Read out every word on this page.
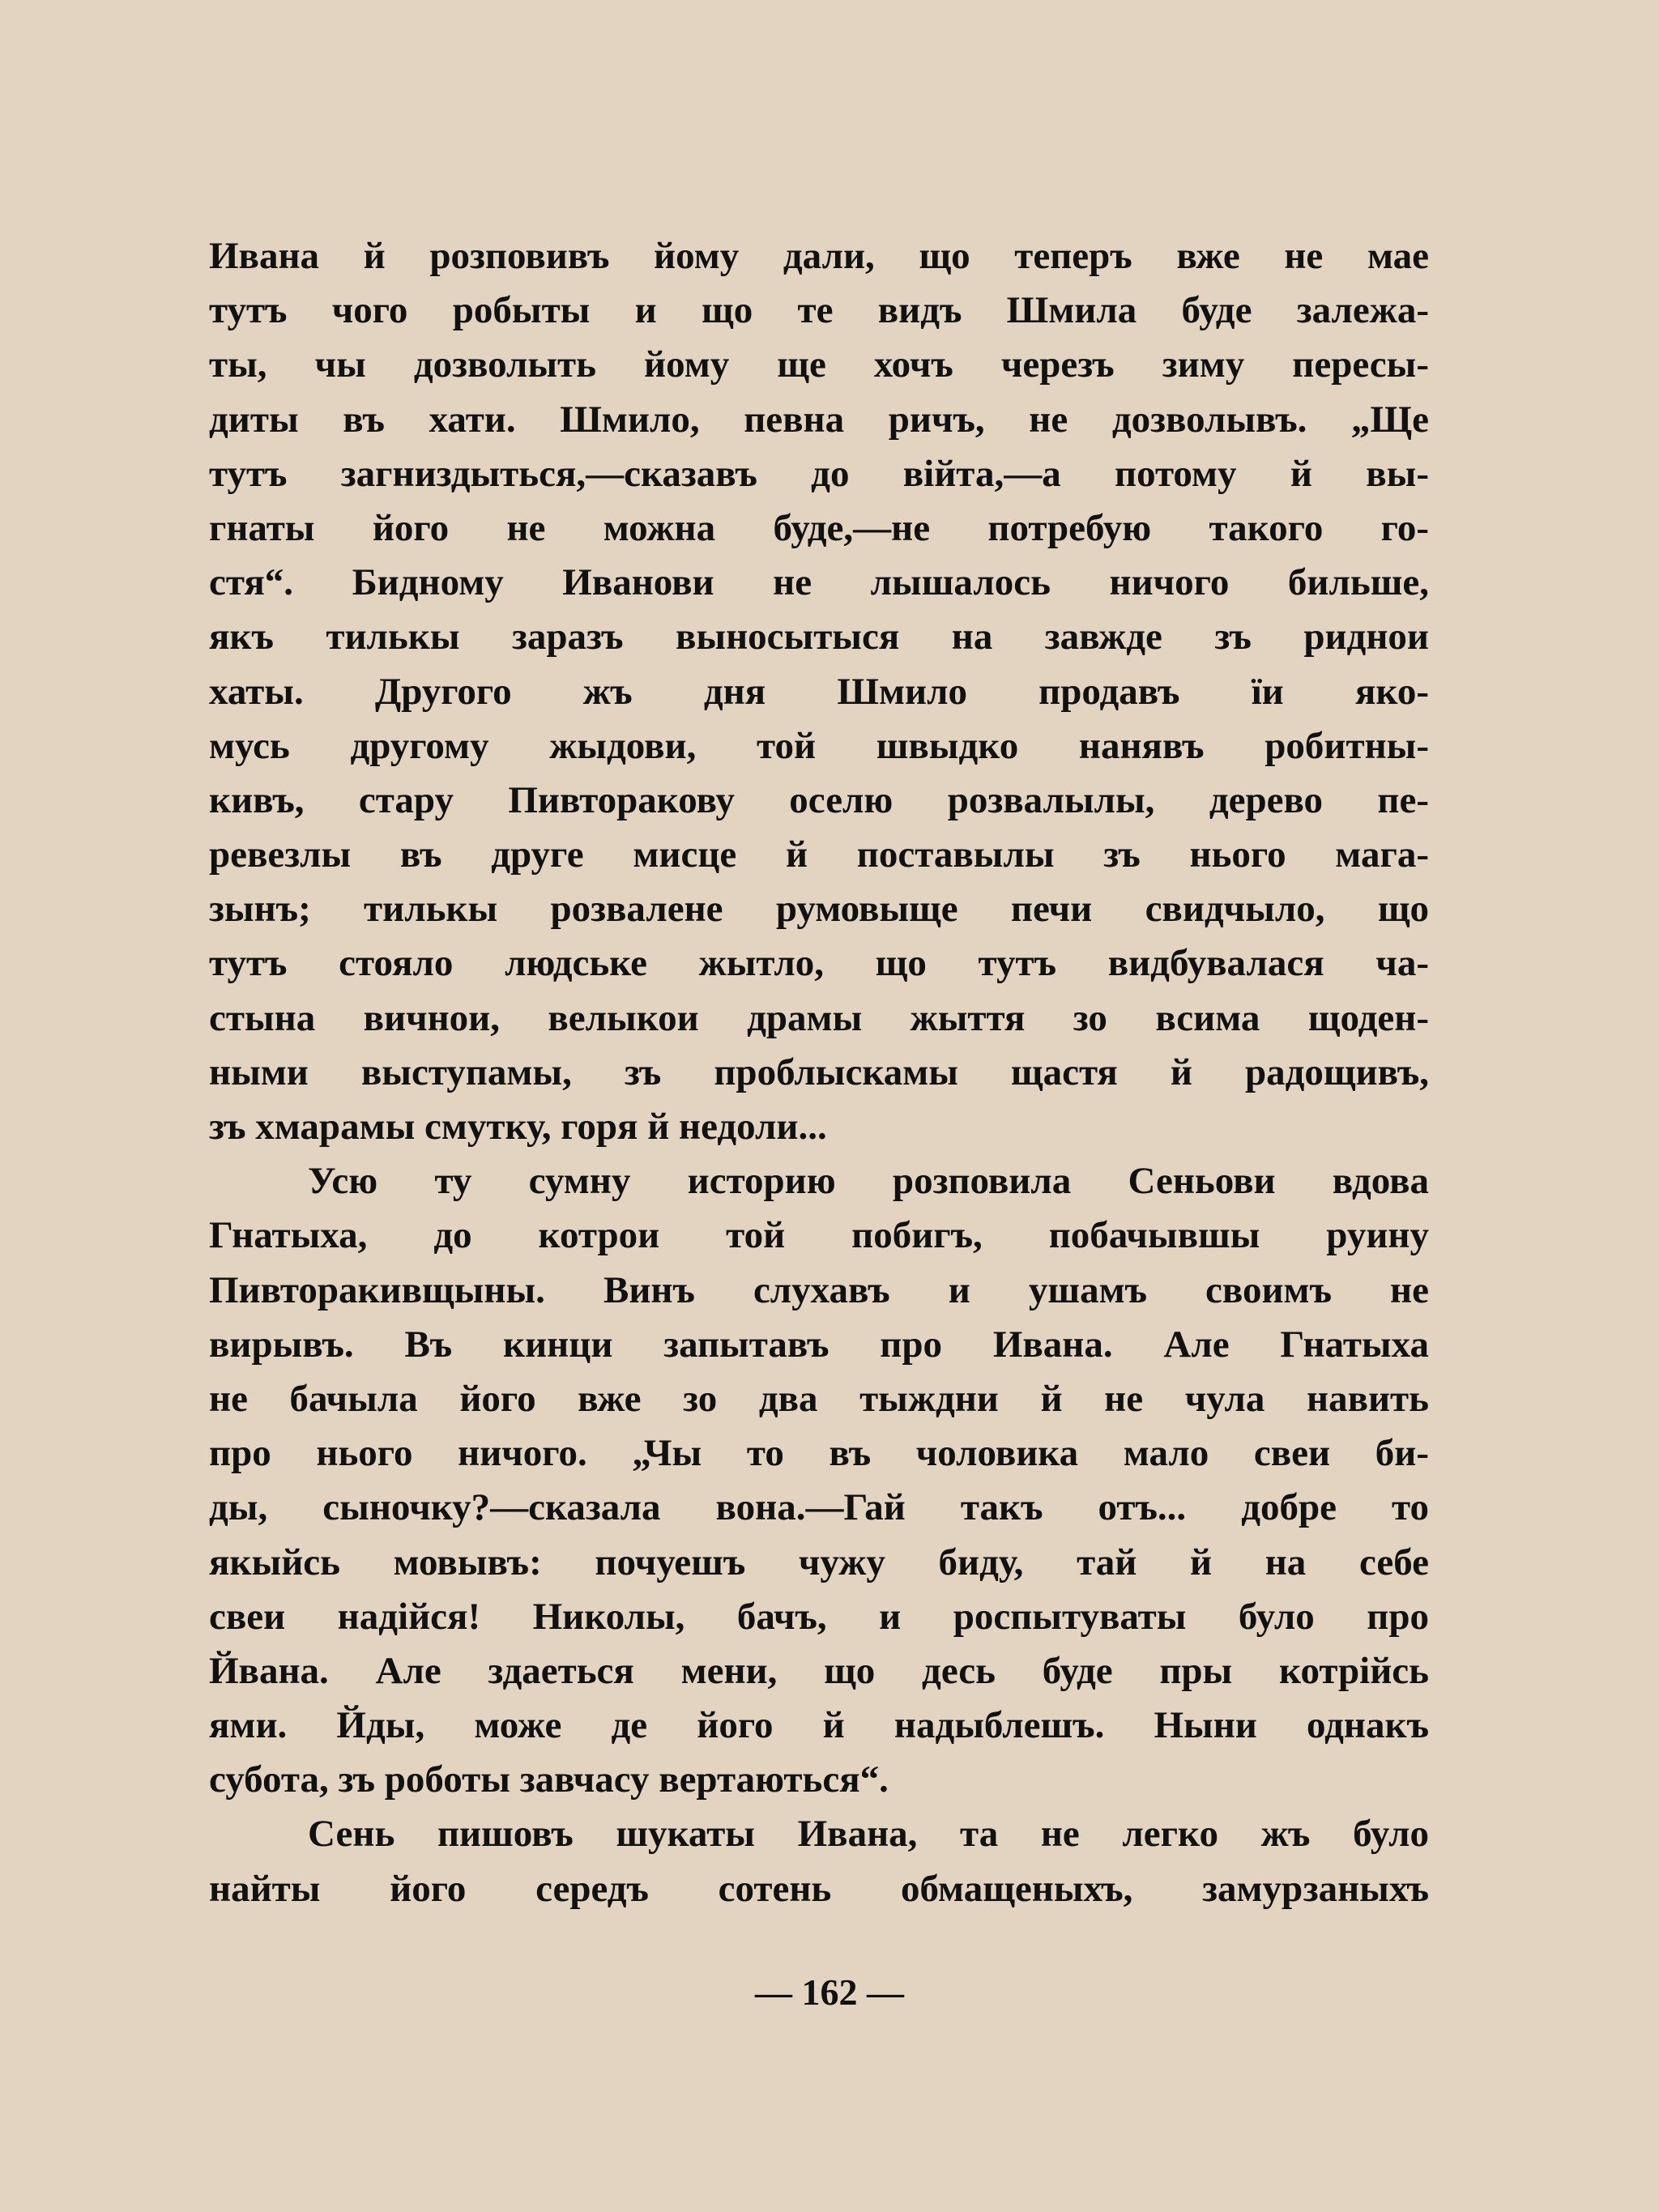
Ивана й розповивъ йому дали, що теперъ вже не мае
тутъ чого робыты и що те видъ Шмила буде залежа-
ты, чы дозволыть йому ще хочъ черезъ зиму пересы-
диты въ хати. Шмило, певна ричъ, не дозволывъ. „Ще
тутъ загниздыться,—сказавъ до війта,—а потому й вы-
гнаты його не можна буде,—не потребую такого го-
стя“. Бидному Иванови не лышалось ничого бильше,
якъ тилькы заразъ выносытыся на завжде зъ риднои
хаты. Другого жъ дня Шмило продавъ ïи яко-
мусь другому жыдови, той швыдко нанявъ робитны-
кивъ, стару Пивторакову оселю розвалылы, дерево пе-
ревезлы въ друге мисце й поставылы зъ нього мага-
зынъ; тилькы розвалене румовыще печи свидчыло, що
тутъ стояло людське жытло, що тутъ видбувалася ча-
стына вичнои, велыкои драмы жыття зо всима щоден-
ными выступамы, зъ проблыскамы щастя й радощивъ,
зъ хмарамы смутку, горя й недоли...
Усю ту сумну историю розповила Сеньови вдова
Гнатыха, до котрои той побигъ, побачывшы руину
Пивторакивщыны. Винъ слухавъ и ушамъ своимъ не
вирывъ. Въ кинци запытавъ про Ивана. Але Гнатыха
не бачыла його вже зо два тыждни й не чула навить
про нього ничого. „Чы то въ чоловика мало свеи би-
ды, сыночку?—сказала вона.—Гай такъ отъ... добре то
якыйсь мовывъ: почуешъ чужу биду, тай й на себе
свеи надійся! Николы, бачъ, и роспытуваты було про
Йвана. Але здаеться мени, що десь буде пры котрійсь
ями. Йды, може де його й надыблешъ. Ныни однакъ
субота, зъ роботы завчасу вертаються“.
Сень пишовъ шукаты Ивана, та не легко жъ було
найты його середъ сотень обмащеныхъ, замурзаныхъ
— 162 —
